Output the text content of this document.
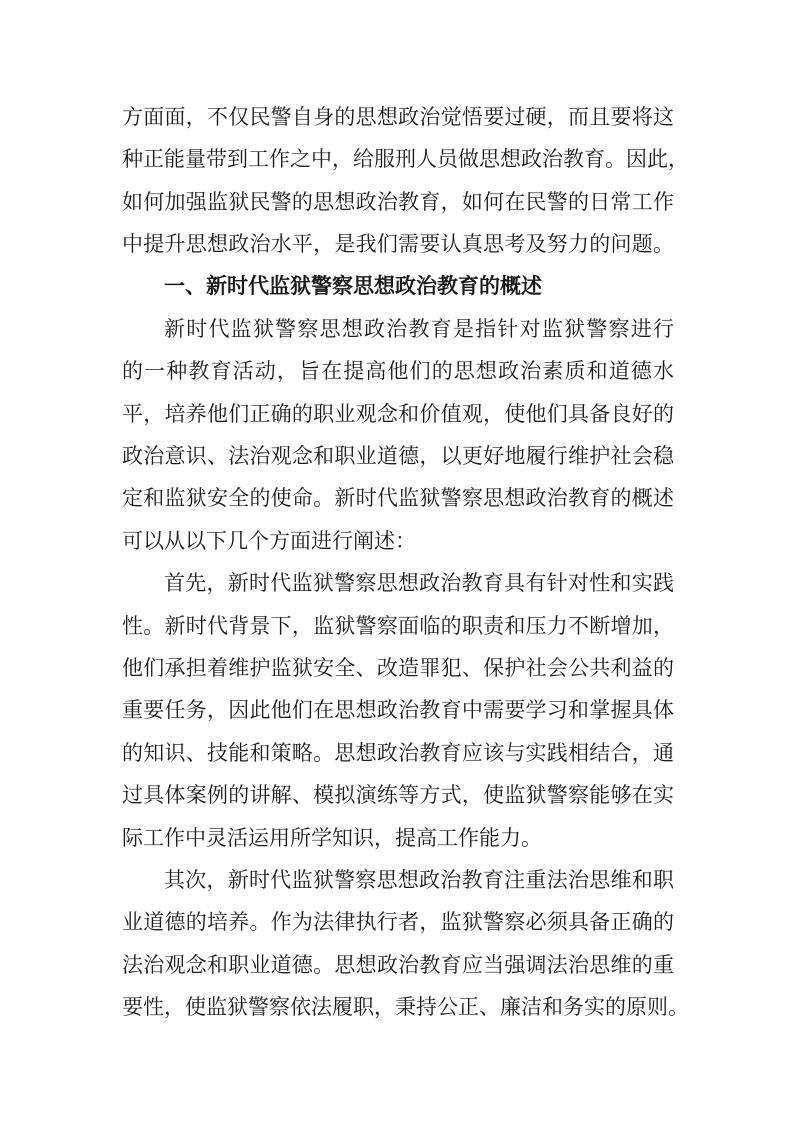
方面面，不仅民警自身的思想政治觉悟要过硬，而且要将这
种正能量带到工作之中，给服刑人员做思想政治教育。因此，
如何加强监狱民警的思想政治教育，如何在民警的日常工作
中提升思想政治水平，是我们需要认真思考及努力的问题。
一、新时代监狱警察思想政治教育的概述
新时代监狱警察思想政治教育是指针对监狱警察进行
的一种教育活动，旨在提高他们的思想政治素质和道德水
平，培养他们正确的职业观念和价值观，使他们具备良好的
政治意识、法治观念和职业道德，以更好地履行维护社会稳
定和监狱安全的使命。新时代监狱警察思想政治教育的概述
可以从以下几个方面进行阐述：
首先，新时代监狱警察思想政治教育具有针对性和实践
性。新时代背景下，监狱警察面临的职责和压力不断增加，
他们承担着维护监狱安全、改造罪犯、保护社会公共利益的
重要任务，因此他们在思想政治教育中需要学习和掌握具体
的知识、技能和策略。思想政治教育应该与实践相结合，通
过具体案例的讲解、模拟演练等方式，使监狱警察能够在实
际工作中灵活运用所学知识，提高工作能力。
其次，新时代监狱警察思想政治教育注重法治思维和职
业道德的培养。作为法律执行者，监狱警察必须具备正确的
法治观念和职业道德。思想政治教育应当强调法治思维的重
要性，使监狱警察依法履职，秉持公正、廉洁和务实的原则。
